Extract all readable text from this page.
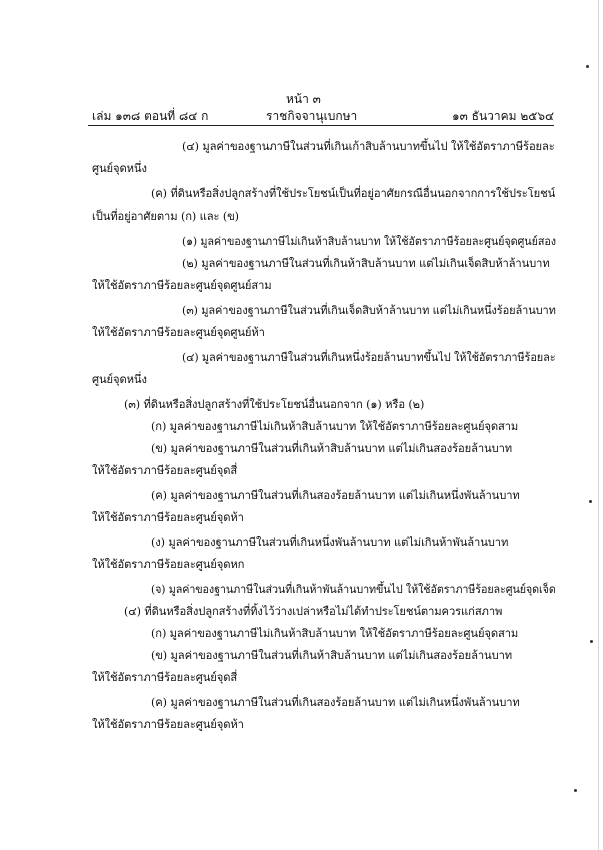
หน้า ๓
เล่ม ๑๓๘ ตอนที่ ๘๔ ก	ราชกิจจานุเบกษา	๑๓ ธันวาคม ๒๕๖๔
(๔) มูลค่าของฐานภาษีในส่วนที่เกินเก้าสิบล้านบาทขึ้นไป ให้ใช้อัตราภาษีร้อยละ
ศูนย์จุดหนึ่ง
(ค) ที่ดินหรือสิ่งปลูกสร้างที่ใช้ประโยชน์เป็นที่อยู่อาศัยกรณีอื่นนอกจากการใช้ประโยชน์
เป็นที่อยู่อาศัยตาม (ก) และ (ข)
(๑) มูลค่าของฐานภาษีไม่เกินห้าสิบล้านบาท ให้ใช้อัตราภาษีร้อยละศูนย์จุดศูนย์สอง
(๒) มูลค่าของฐานภาษีในส่วนที่เกินห้าสิบล้านบาท แต่ไม่เกินเจ็ดสิบห้าล้านบาท
ให้ใช้อัตราภาษีร้อยละศูนย์จุดศูนย์สาม
(๓) มูลค่าของฐานภาษีในส่วนที่เกินเจ็ดสิบห้าล้านบาท แต่ไม่เกินหนึ่งร้อยล้านบาท
ให้ใช้อัตราภาษีร้อยละศูนย์จุดศูนย์ห้า
(๔) มูลค่าของฐานภาษีในส่วนที่เกินหนึ่งร้อยล้านบาทขึ้นไป ให้ใช้อัตราภาษีร้อยละ
ศูนย์จุดหนึ่ง
(๓) ที่ดินหรือสิ่งปลูกสร้างที่ใช้ประโยชน์อื่นนอกจาก (๑) หรือ (๒)
(ก) มูลค่าของฐานภาษีไม่เกินห้าสิบล้านบาท ให้ใช้อัตราภาษีร้อยละศูนย์จุดสาม
(ข) มูลค่าของฐานภาษีในส่วนที่เกินห้าสิบล้านบาท แต่ไม่เกินสองร้อยล้านบาท
ให้ใช้อัตราภาษีร้อยละศูนย์จุดสี่
(ค) มูลค่าของฐานภาษีในส่วนที่เกินสองร้อยล้านบาท แต่ไม่เกินหนึ่งพันล้านบาท
ให้ใช้อัตราภาษีร้อยละศูนย์จุดห้า
(ง) มูลค่าของฐานภาษีในส่วนที่เกินหนึ่งพันล้านบาท แต่ไม่เกินห้าพันล้านบาท
ให้ใช้อัตราภาษีร้อยละศูนย์จุดหก
(จ) มูลค่าของฐานภาษีในส่วนที่เกินห้าพันล้านบาทขึ้นไป ให้ใช้อัตราภาษีร้อยละศูนย์จุดเจ็ด
(๔) ที่ดินหรือสิ่งปลูกสร้างที่ทิ้งไว้ว่างเปล่าหรือไม่ได้ทำประโยชน์ตามควรแก่สภาพ
(ก) มูลค่าของฐานภาษีไม่เกินห้าสิบล้านบาท ให้ใช้อัตราภาษีร้อยละศูนย์จุดสาม
(ข) มูลค่าของฐานภาษีในส่วนที่เกินห้าสิบล้านบาท แต่ไม่เกินสองร้อยล้านบาท
ให้ใช้อัตราภาษีร้อยละศูนย์จุดสี่
(ค) มูลค่าของฐานภาษีในส่วนที่เกินสองร้อยล้านบาท แต่ไม่เกินหนึ่งพันล้านบาท
ให้ใช้อัตราภาษีร้อยละศูนย์จุดห้า
